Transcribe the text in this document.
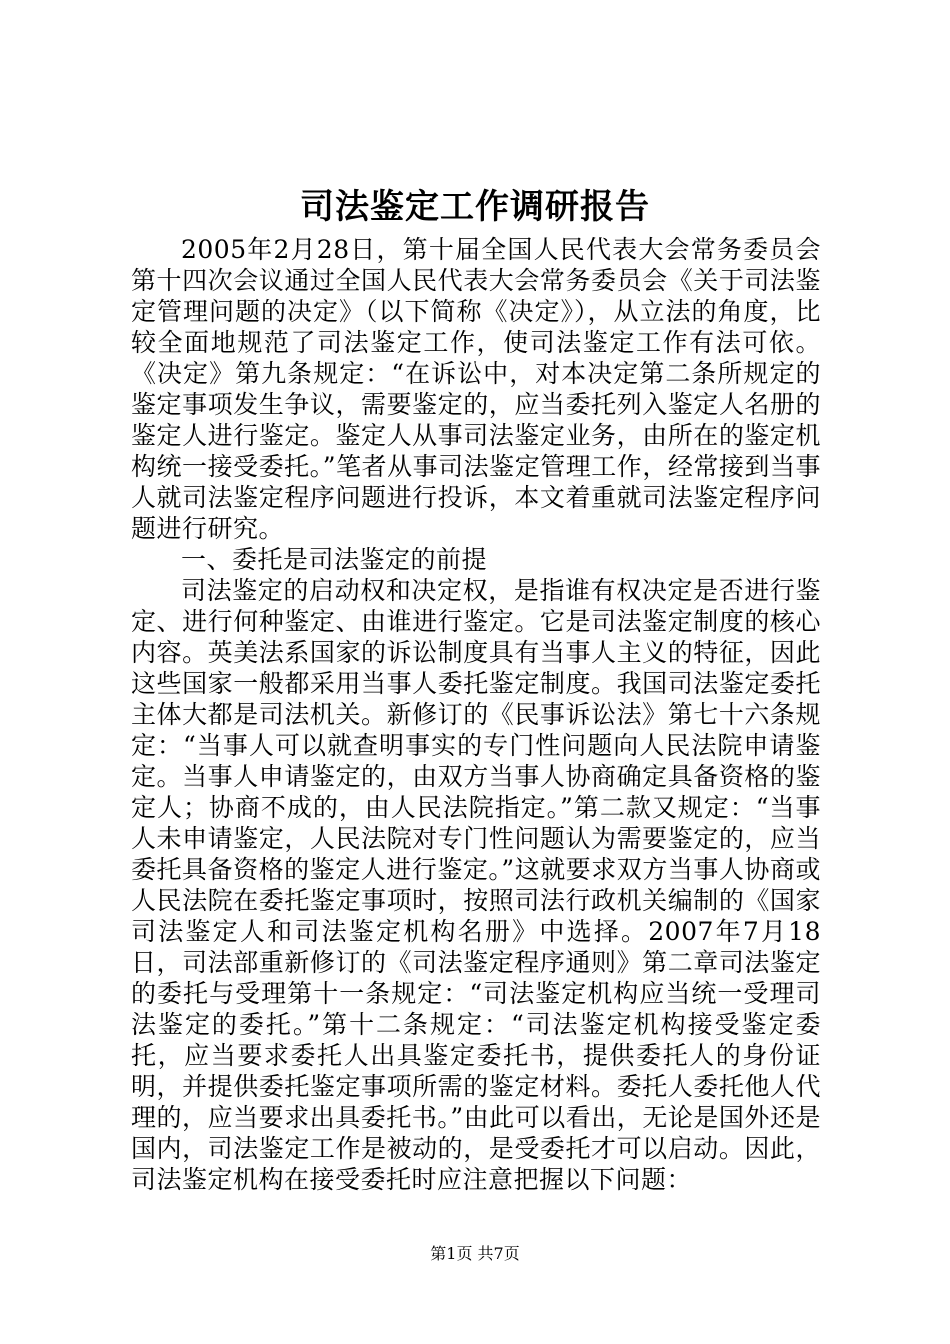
司法鉴定工作调研报告

2005年2月28日，第十届全国人民代表大会常务委员会第十四次会议通过全国人民代表大会常务委员会《关于司法鉴定管理问题的决定》（以下简称《决定》），从立法的角度，比较全面地规范了司法鉴定工作，使司法鉴定工作有法可依。《决定》第九条规定：“在诉讼中，对本决定第二条所规定的鉴定事项发生争议，需要鉴定的，应当委托列入鉴定人名册的鉴定人进行鉴定。鉴定人从事司法鉴定业务，由所在的鉴定机构统一接受委托。”笔者从事司法鉴定管理工作，经常接到当事人就司法鉴定程序问题进行投诉，本文着重就司法鉴定程序问题进行研究。

一、委托是司法鉴定的前提

司法鉴定的启动权和决定权，是指谁有权决定是否进行鉴定、进行何种鉴定、由谁进行鉴定。它是司法鉴定制度的核心内容。英美法系国家的诉讼制度具有当事人主义的特征，因此这些国家一般都采用当事人委托鉴定制度。我国司法鉴定委托主体大都是司法机关。新修订的《民事诉讼法》第七十六条规定：“当事人可以就查明事实的专门性问题向人民法院申请鉴定。当事人申请鉴定的，由双方当事人协商确定具备资格的鉴定人；协商不成的，由人民法院指定。”第二款又规定：“当事人未申请鉴定，人民法院对专门性问题认为需要鉴定的，应当委托具备资格的鉴定人进行鉴定。”这就要求双方当事人协商或人民法院在委托鉴定事项时，按照司法行政机关编制的《国家司法鉴定人和司法鉴定机构名册》中选择。2007年7月18日，司法部重新修订的《司法鉴定程序通则》第二章司法鉴定的委托与受理第十一条规定：“司法鉴定机构应当统一受理司法鉴定的委托。”第十二条规定：“司法鉴定机构接受鉴定委托，应当要求委托人出具鉴定委托书，提供委托人的身份证明，并提供委托鉴定事项所需的鉴定材料。委托人委托他人代理的，应当要求出具委托书。”由此可以看出，无论是国外还是国内，司法鉴定工作是被动的，是受委托才可以启动。因此，司法鉴定机构在接受委托时应注意把握以下问题：

第1页 共7页
